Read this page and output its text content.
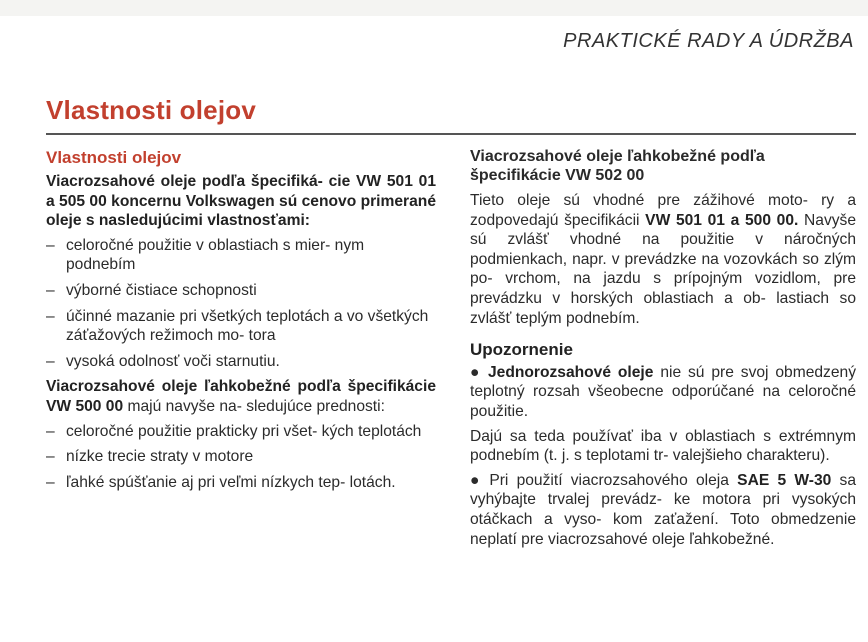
PRAKTICKÉ RADY A ÚDRŽBA
Vlastnosti olejov
Vlastnosti olejov

Viacrozsahové oleje podľa špecifiká- cie VW 501 01 a 505 00 koncernu Volkswagen sú cenovo primerané oleje s nasledujúcimi vlastnosťami:

– celoročné použitie v oblastiach s mier- nym podnebím
– výborné čistiace schopnosti
– účinné mazanie pri všetkých teplotách a vo všetkých záťažových režimoch mo- tora
– vysoká odolnosť voči starnutiu.

Viacrozsahové oleje ľahkobežné podľa špecifikácie VW 500 00 majú navyše na- sledujúce prednosti:

– celoročné použitie prakticky pri všet- kých teplotách
– nízke trecie straty v motore
– ľahké spúšťanie aj pri veľmi nízkych tep- lotách.
Viacrozsahové oleje ľahkobežné podľa špecifikácie VW 502 00

Tieto oleje sú vhodné pre zážihové moto- ry a zodpovedajú špecifikácii VW 501 01 a 500 00. Navyše sú zvlášť vhodné na použitie v náročných podmienkach, napr. v prevádzke na vozovkách so zlým po- vrchom, na jazdu s prípojným vozidlom, pre prevádzku v horských oblastiach a ob- lastiach so zvlášť teplým podnebím.

Upozornenie

● Jednorozsahové oleje nie sú pre svoj obmedzený teplotný rozsah všeobecne odporúčané na celoročné použitie.

Dajú sa teda používať iba v oblastiach s extrémnym podnebím (t. j. s teplotami tr- valejšieho charakteru).

● Pri použití viacrozsahového oleja SAE 5 W-30 sa vyhýbajte trvalej prevádz- ke motora pri vysokých otáčkach a vyso- kom zaťažení. Toto obmedzenie neplatí pre viacrozsahové oleje ľahkobežné.
